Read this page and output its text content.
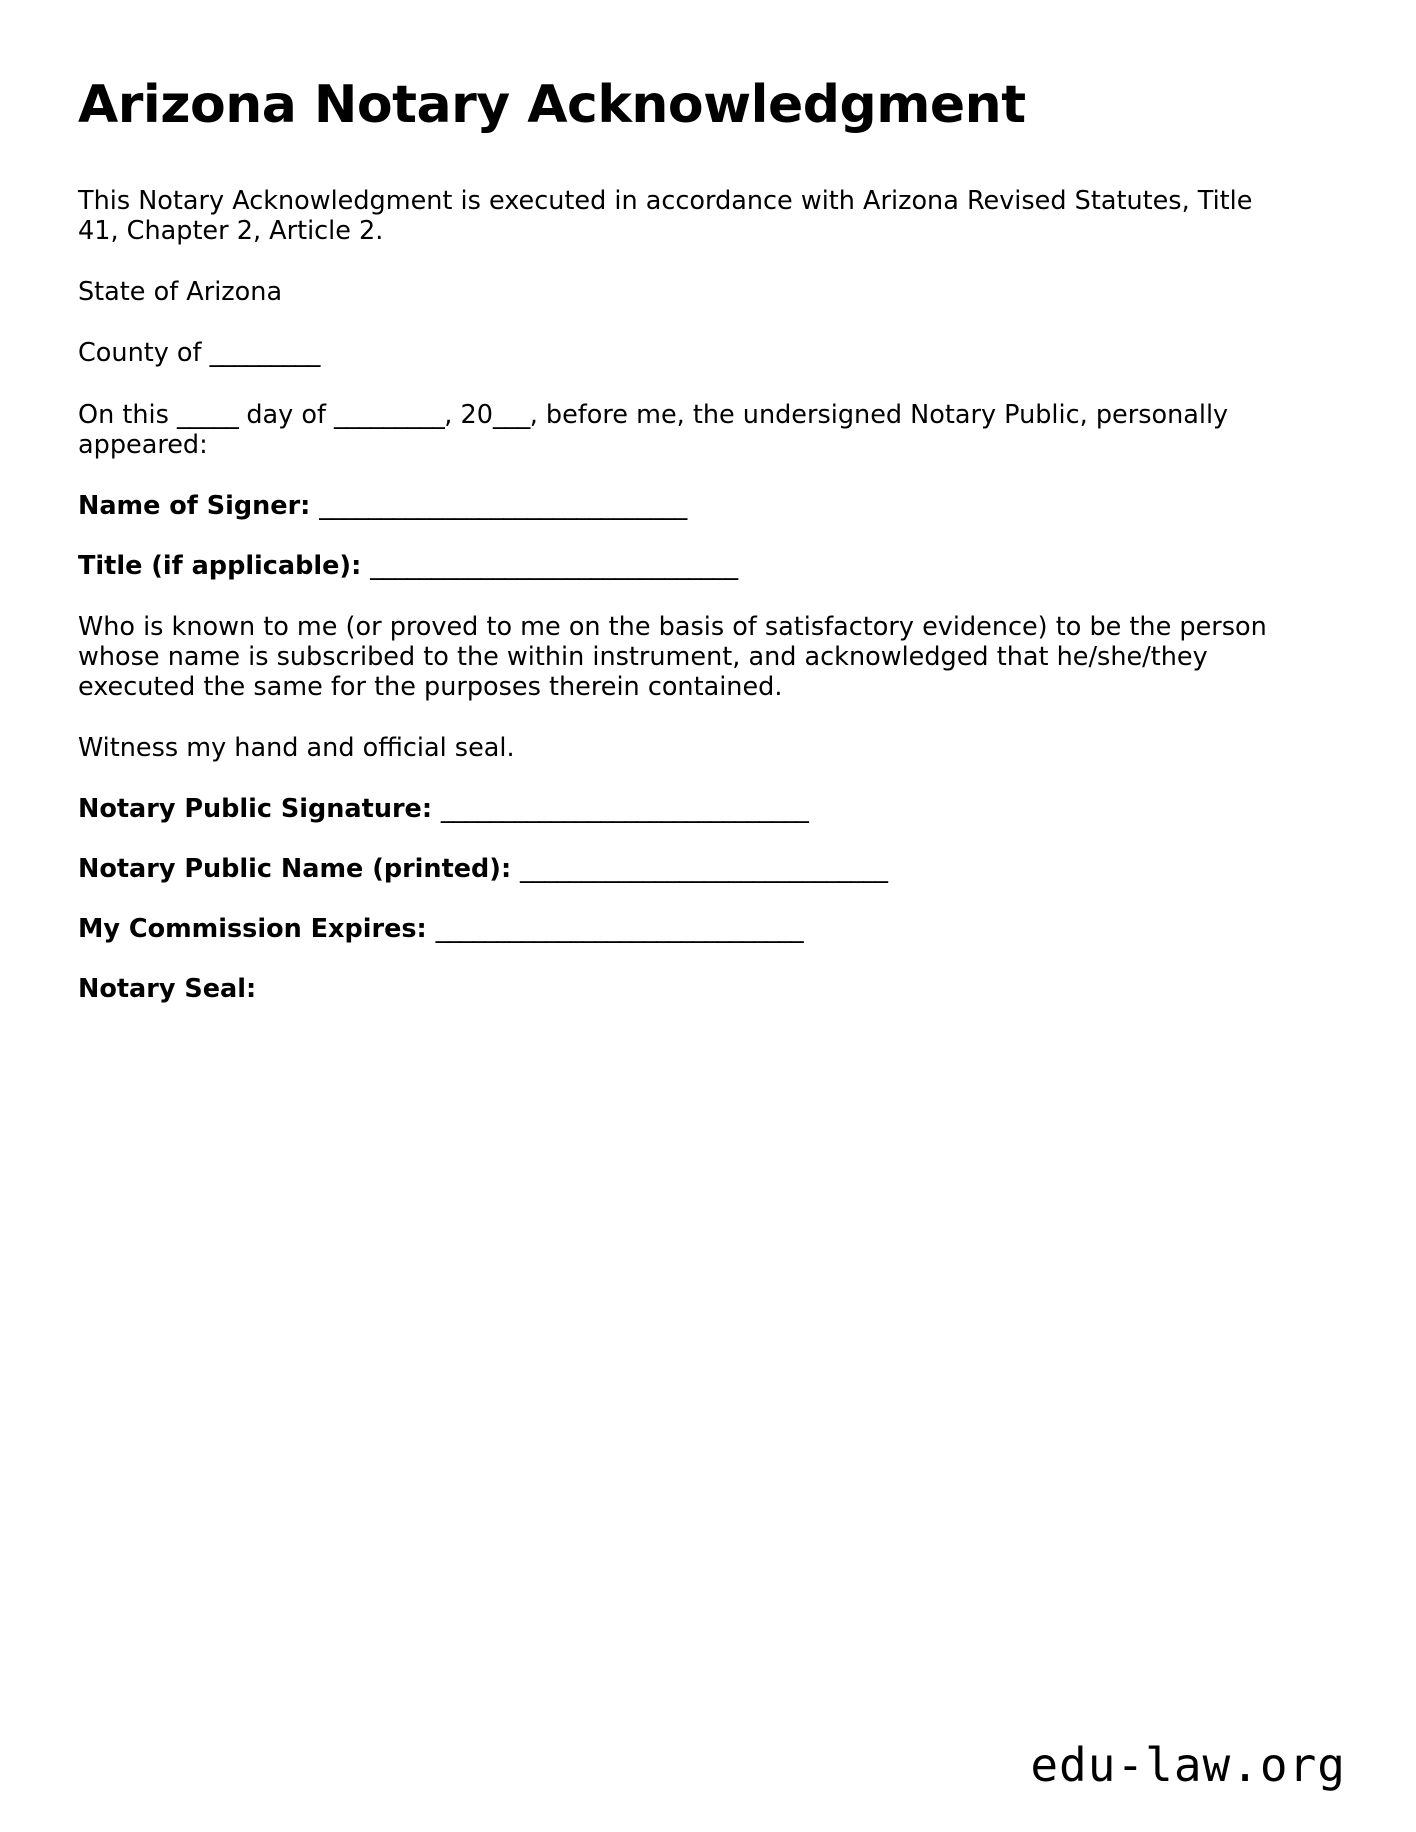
Arizona Notary Acknowledgment

This Notary Acknowledgment is executed in accordance with Arizona Revised Statutes, Title 41, Chapter 2, Article 2.

State of Arizona

County of _________

On this _____ day of _________, 20___, before me, the undersigned Notary Public, personally appeared:

Name of Signer: ______________________________

Title (if applicable): ______________________________

Who is known to me (or proved to me on the basis of satisfactory evidence) to be the person whose name is subscribed to the within instrument, and acknowledged that he/she/they executed the same for the purposes therein contained.

Witness my hand and official seal.

Notary Public Signature: ______________________________

Notary Public Name (printed): ______________________________

My Commission Expires: ______________________________

Notary Seal:

edu-law.org
